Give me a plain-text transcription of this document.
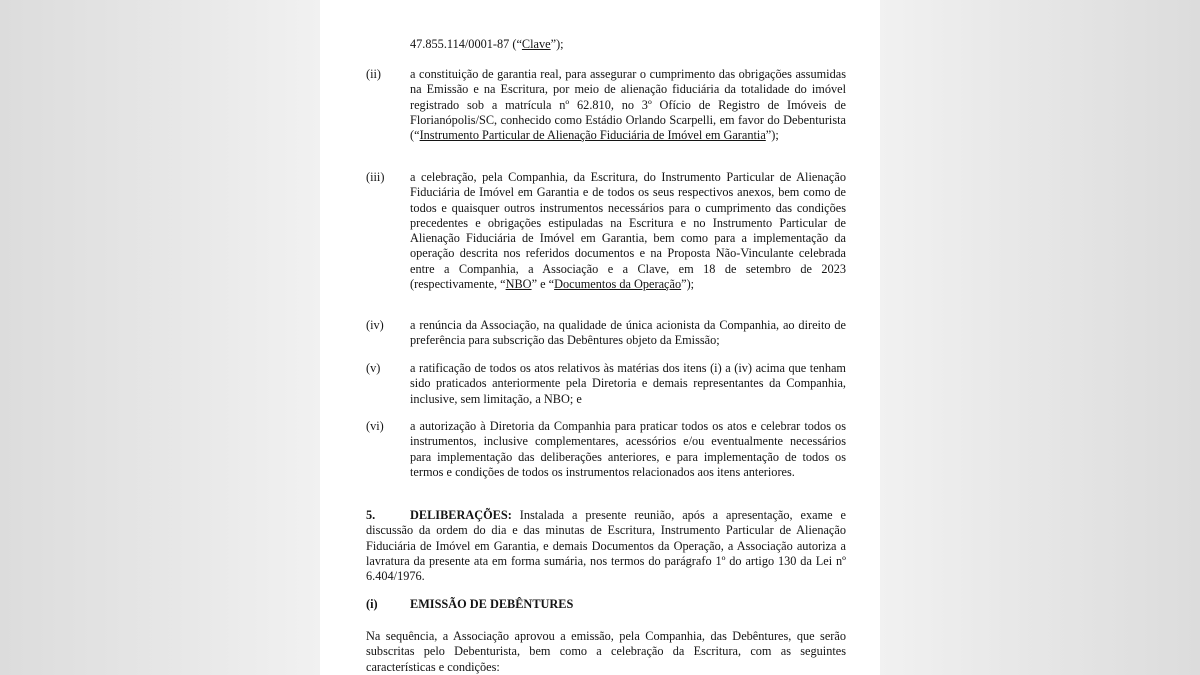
47.855.114/0001-87 (“Clave”);
(ii)	a constituição de garantia real, para assegurar o cumprimento das obrigações assumidas na Emissão e na Escritura, por meio de alienação fiduciária da totalidade do imóvel registrado sob a matrícula nº 62.810, no 3º Ofício de Registro de Imóveis de Florianópolis/SC, conhecido como Estádio Orlando Scarpelli, em favor do Debenturista (“Instrumento Particular de Alienação Fiduciária de Imóvel em Garantia”);
(iii)	a celebração, pela Companhia, da Escritura, do Instrumento Particular de Alienação Fiduciária de Imóvel em Garantia e de todos os seus respectivos anexos, bem como de todos e quaisquer outros instrumentos necessários para o cumprimento das condições precedentes e obrigações estipuladas na Escritura e no Instrumento Particular de Alienação Fiduciária de Imóvel em Garantia, bem como para a implementação da operação descrita nos referidos documentos e na Proposta Não-Vinculante celebrada entre a Companhia, a Associação e a Clave, em 18 de setembro de 2023 (respectivamente, “NBO” e “Documentos da Operação”);
(iv)	a renúncia da Associação, na qualidade de única acionista da Companhia, ao direito de preferência para subscrição das Debêntures objeto da Emissão;
(v)	a ratificação de todos os atos relativos às matérias dos itens (i) a (iv) acima que tenham sido praticados anteriormente pela Diretoria e demais representantes da Companhia, inclusive, sem limitação, a NBO; e
(vi)	a autorização à Diretoria da Companhia para praticar todos os atos e celebrar todos os instrumentos, inclusive complementares, acessórios e/ou eventualmente necessários para implementação das deliberações anteriores, e para implementação de todos os termos e condições de todos os instrumentos relacionados aos itens anteriores.
5.	DELIBERAÇÕES: Instalada a presente reunião, após a apresentação, exame e discussão da ordem do dia e das minutas de Escritura, Instrumento Particular de Alienação Fiduciária de Imóvel em Garantia, e demais Documentos da Operação, a Associação autoriza a lavratura da presente ata em forma sumária, nos termos do parágrafo 1º do artigo 130 da Lei nº 6.404/1976.
(i)	EMISSÃO DE DEBÊNTURES
Na sequência, a Associação aprovou a emissão, pela Companhia, das Debêntures, que serão subscritas pelo Debenturista, bem como a celebração da Escritura, com as seguintes características e condições:
